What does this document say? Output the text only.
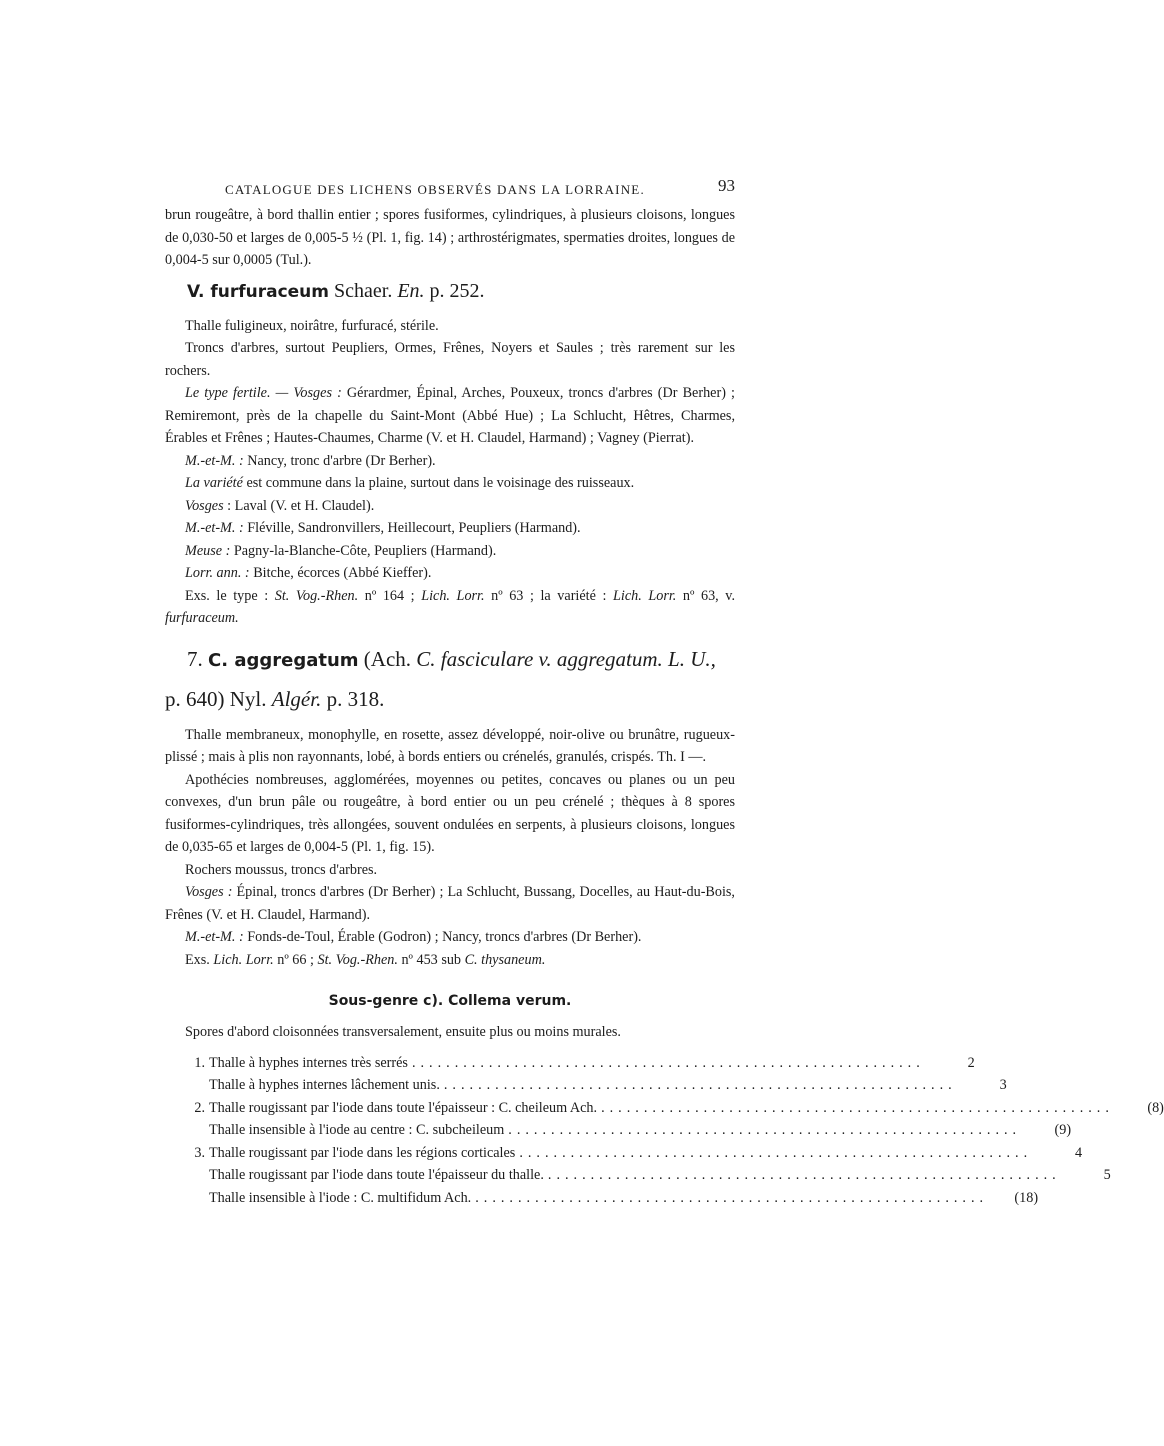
CATALOGUE DES LICHENS OBSERVÉS DANS LA LORRAINE.	93

brun rougeâtre, à bord thallin entier ; spores fusiformes, cylindriques, à plusieurs cloisons, longues de 0,030-50 et larges de 0,005-5 ½ (Pl. 1, fig. 14) ; arthrostérigmates, spermaties droites, longues de 0,004-5 sur 0,0005 (Tul.).

V. furfuraceum Schaer. En. p. 252.

Thalle fuligineux, noirâtre, furfuracé, stérile.

Troncs d'arbres, surtout Peupliers, Ormes, Frênes, Noyers et Saules ; très rarement sur les rochers.

Le type fertile. — Vosges : Gérardmer, Épinal, Arches, Pouxeux, troncs d'arbres (Dr Berher) ; Remiremont, près de la chapelle du Saint-Mont (Abbé Hue) ; La Schlucht, Hêtres, Charmes, Érables et Frênes ; Hautes-Chaumes, Charme (V. et H. Claudel, Harmand) ; Vagney (Pierrat).

M.-et-M. : Nancy, tronc d'arbre (Dr Berher).

La variété est commune dans la plaine, surtout dans le voisinage des ruisseaux.

Vosges : Laval (V. et H. Claudel).

M.-et-M. : Fléville, Sandronvillers, Heillecourt, Peupliers (Harmand).

Meuse : Pagny-la-Blanche-Côte, Peupliers (Harmand).

Lorr. ann. : Bitche, écorces (Abbé Kieffer).

Exs. le type : St. Vog.-Rhen. nº 164 ; Lich. Lorr. nº 63 ; la variété : Lich. Lorr. nº 63, v. furfuraceum.

7. C. aggregatum (Ach. C. fasciculare v. aggregatum. L. U.,
p. 640) Nyl. Algér. p. 318.

Thalle membraneux, monophylle, en rosette, assez développé, noir-olive ou brunâtre, rugueux-plissé ; mais à plis non rayonnants, lobé, à bords entiers ou crénelés, granulés, crispés. Th. I —.

Apothécies nombreuses, agglomérées, moyennes ou petites, concaves ou planes ou un peu convexes, d'un brun pâle ou rougeâtre, à bord entier ou un peu crénelé ; thèques à 8 spores fusiformes-cylindriques, très allongées, souvent ondulées en serpents, à plusieurs cloisons, longues de 0,035-65 et larges de 0,004-5 (Pl. 1, fig. 15).

Rochers moussus, troncs d'arbres.

Vosges : Épinal, troncs d'arbres (Dr Berher) ; La Schlucht, Bussang, Docelles, au Haut-du-Bois, Frênes (V. et H. Claudel, Harmand).

M.-et-M. : Fonds-de-Toul, Érable (Godron) ; Nancy, troncs d'arbres (Dr Berher).

Exs. Lich. Lorr. nº 66 ; St. Vog.-Rhen. nº 453 sub C. thysaneum.

Sous-genre c). Collema verum.

Spores d'abord cloisonnées transversalement, ensuite plus ou moins murales.

1. Thalle à hyphes internes très serrés ............................................................	2
Thalle à hyphes internes lâchement unis. ............................................................	3
2. Thalle rougissant par l'iode dans toute l'épaisseur : C. cheileum Ach. ............................................................	(8)
Thalle insensible à l'iode au centre : C. subcheileum ............................................................	(9)
3. Thalle rougissant par l'iode dans les régions corticales ............................................................	4
Thalle rougissant par l'iode dans toute l'épaisseur du thalle. ............................................................	5
Thalle insensible à l'iode : C. multifidum Ach. ............................................................	(18)
